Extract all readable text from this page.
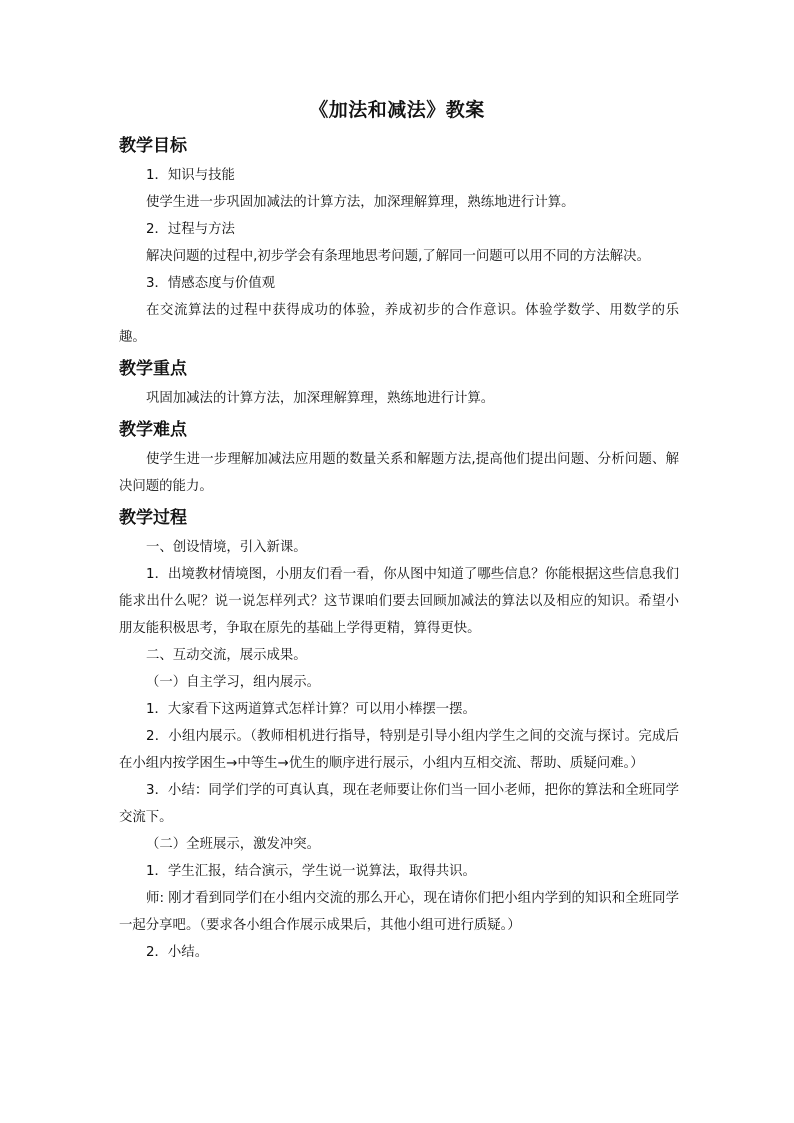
《加法和减法》教案
教学目标

1．知识与技能

使学生进一步巩固加减法的计算方法，加深理解算理，熟练地进行计算。

2．过程与方法

解决问题的过程中,初步学会有条理地思考问题,了解同一问题可以用不同的方法解决。

3．情感态度与价值观

在交流算法的过程中获得成功的体验，养成初步的合作意识。体验学数学、用数学的乐趣。

教学重点

巩固加减法的计算方法，加深理解算理，熟练地进行计算。

教学难点

使学生进一步理解加减法应用题的数量关系和解题方法,提高他们提出问题、分析问题、解决问题的能力。

教学过程

一、创设情境，引入新课。

1．出境教材情境图，小朋友们看一看，你从图中知道了哪些信息？你能根据这些信息我们能求出什么呢？说一说怎样列式？这节课咱们要去回顾加减法的算法以及相应的知识。希望小朋友能积极思考，争取在原先的基础上学得更精，算得更快。

二、互动交流，展示成果。

（一）自主学习，组内展示。

1．大家看下这两道算式怎样计算？可以用小棒摆一摆。

2．小组内展示。（教师相机进行指导，特别是引导小组内学生之间的交流与探讨。完成后在小组内按学困生→中等生→优生的顺序进行展示，小组内互相交流、帮助、质疑问难。）

3．小结：同学们学的可真认真，现在老师要让你们当一回小老师，把你的算法和全班同学交流下。

（二）全班展示，激发冲突。

1．学生汇报，结合演示，学生说一说算法，取得共识。

师: 刚才看到同学们在小组内交流的那么开心，现在请你们把小组内学到的知识和全班同学一起分享吧。（要求各小组合作展示成果后，其他小组可进行质疑。）

2．小结。
